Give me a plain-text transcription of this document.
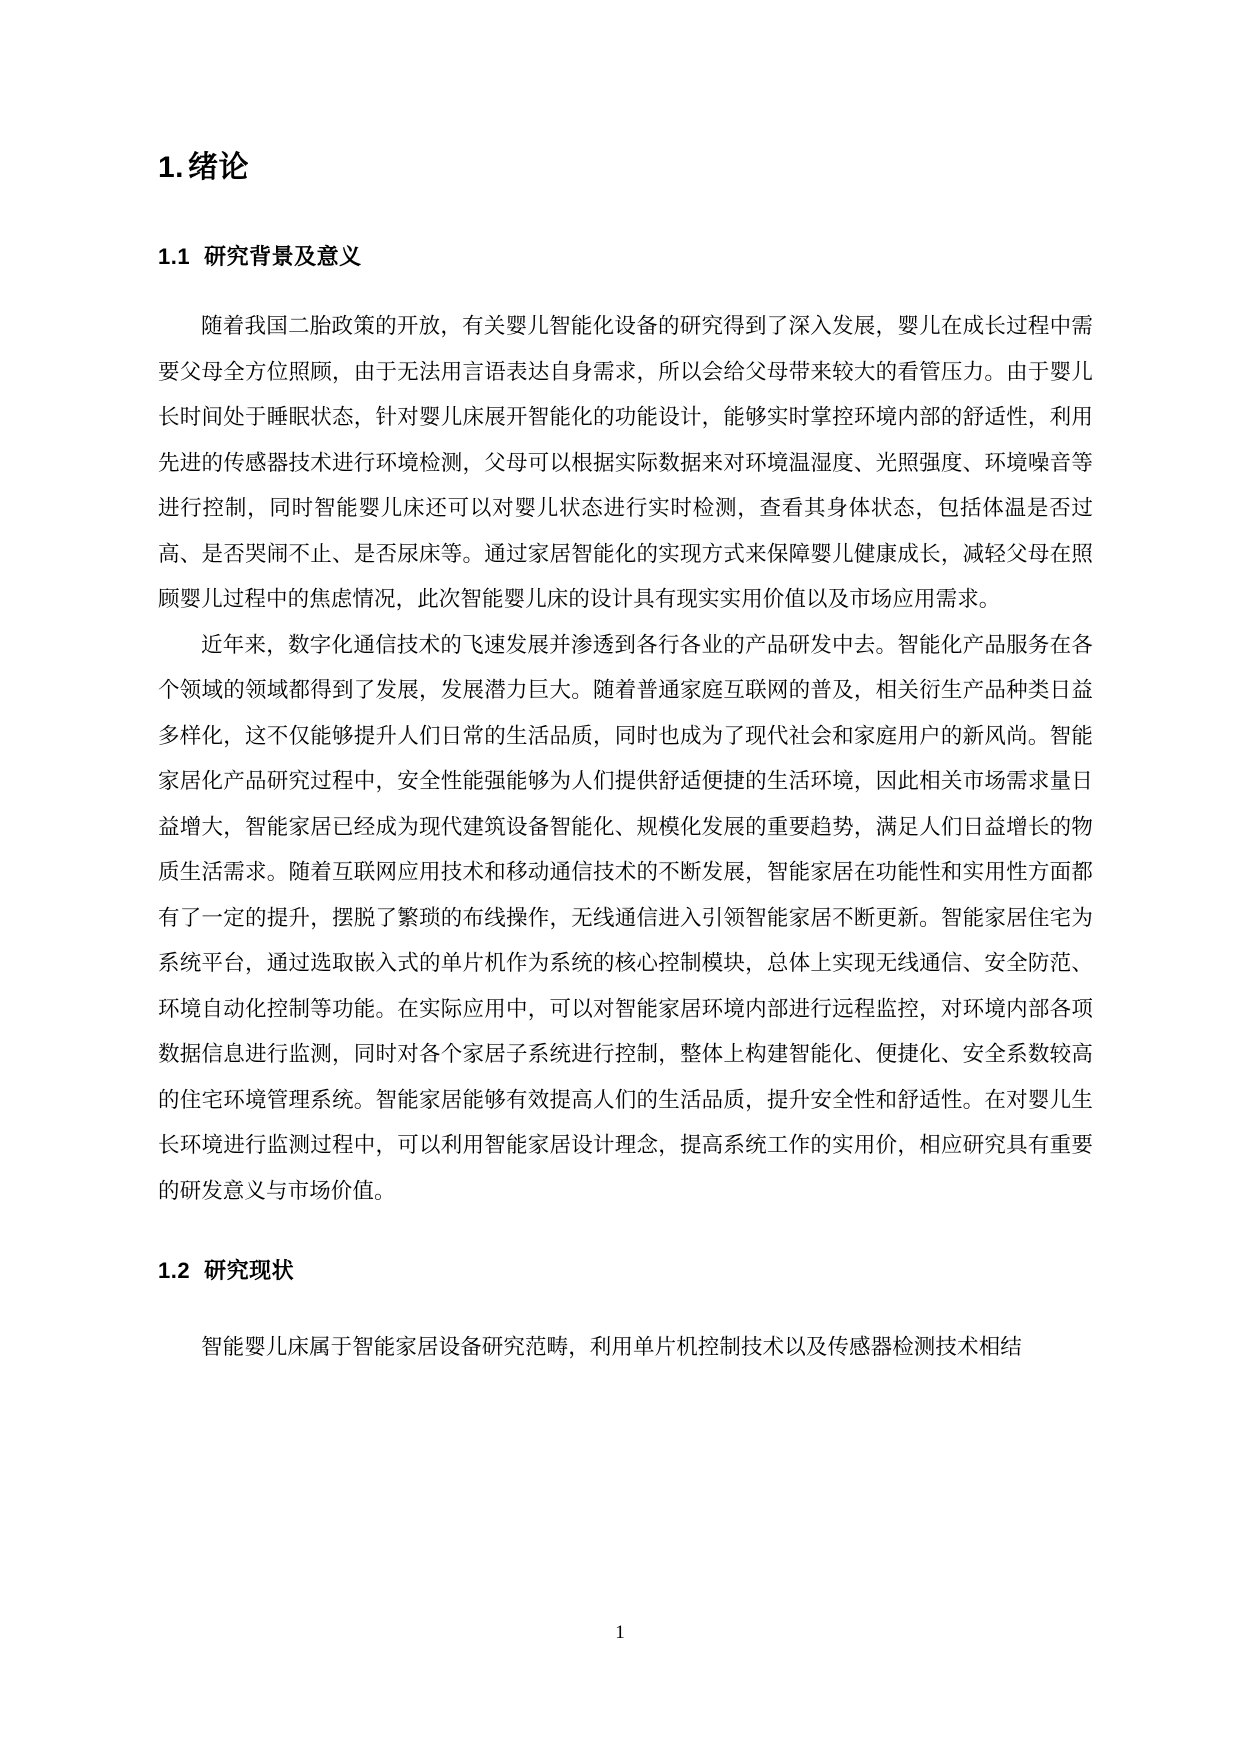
1. 绪论
1.1 研究背景及意义

随着我国二胎政策的开放，有关婴儿智能化设备的研究得到了深入发展，婴儿在成长过程中需要父母全方位照顾，由于无法用言语表达自身需求，所以会给父母带来较大的看管压力。由于婴儿长时间处于睡眠状态，针对婴儿床展开智能化的功能设计，能够实时掌控环境内部的舒适性，利用先进的传感器技术进行环境检测，父母可以根据实际数据来对环境温湿度、光照强度、环境噪音等进行控制，同时智能婴儿床还可以对婴儿状态进行实时检测，查看其身体状态，包括体温是否过高、是否哭闹不止、是否尿床等。通过家居智能化的实现方式来保障婴儿健康成长，减轻父母在照顾婴儿过程中的焦虑情况，此次智能婴儿床的设计具有现实实用价值以及市场应用需求。

近年来，数字化通信技术的飞速发展并渗透到各行各业的产品研发中去。智能化产品服务在各个领域的领域都得到了发展，发展潜力巨大。随着普通家庭互联网的普及，相关衍生产品种类日益多样化，这不仅能够提升人们日常的生活品质，同时也成为了现代社会和家庭用户的新风尚。智能家居化产品研究过程中，安全性能强能够为人们提供舒适便捷的生活环境，因此相关市场需求量日益增大，智能家居已经成为现代建筑设备智能化、规模化发展的重要趋势，满足人们日益增长的物质生活需求。随着互联网应用技术和移动通信技术的不断发展，智能家居在功能性和实用性方面都有了一定的提升，摆脱了繁琐的布线操作，无线通信进入引领智能家居不断更新。智能家居住宅为系统平台，通过选取嵌入式的单片机作为系统的核心控制模块，总体上实现无线通信、安全防范、环境自动化控制等功能。在实际应用中，可以对智能家居环境内部进行远程监控，对环境内部各项数据信息进行监测，同时对各个家居子系统进行控制，整体上构建智能化、便捷化、安全系数较高的住宅环境管理系统。智能家居能够有效提高人们的生活品质，提升安全性和舒适性。在对婴儿生长环境进行监测过程中，可以利用智能家居设计理念，提高系统工作的实用价，相应研究具有重要的研发意义与市场价值。

1.2 研究现状

智能婴儿床属于智能家居设备研究范畴，利用单片机控制技术以及传感器检测技术相结

1
